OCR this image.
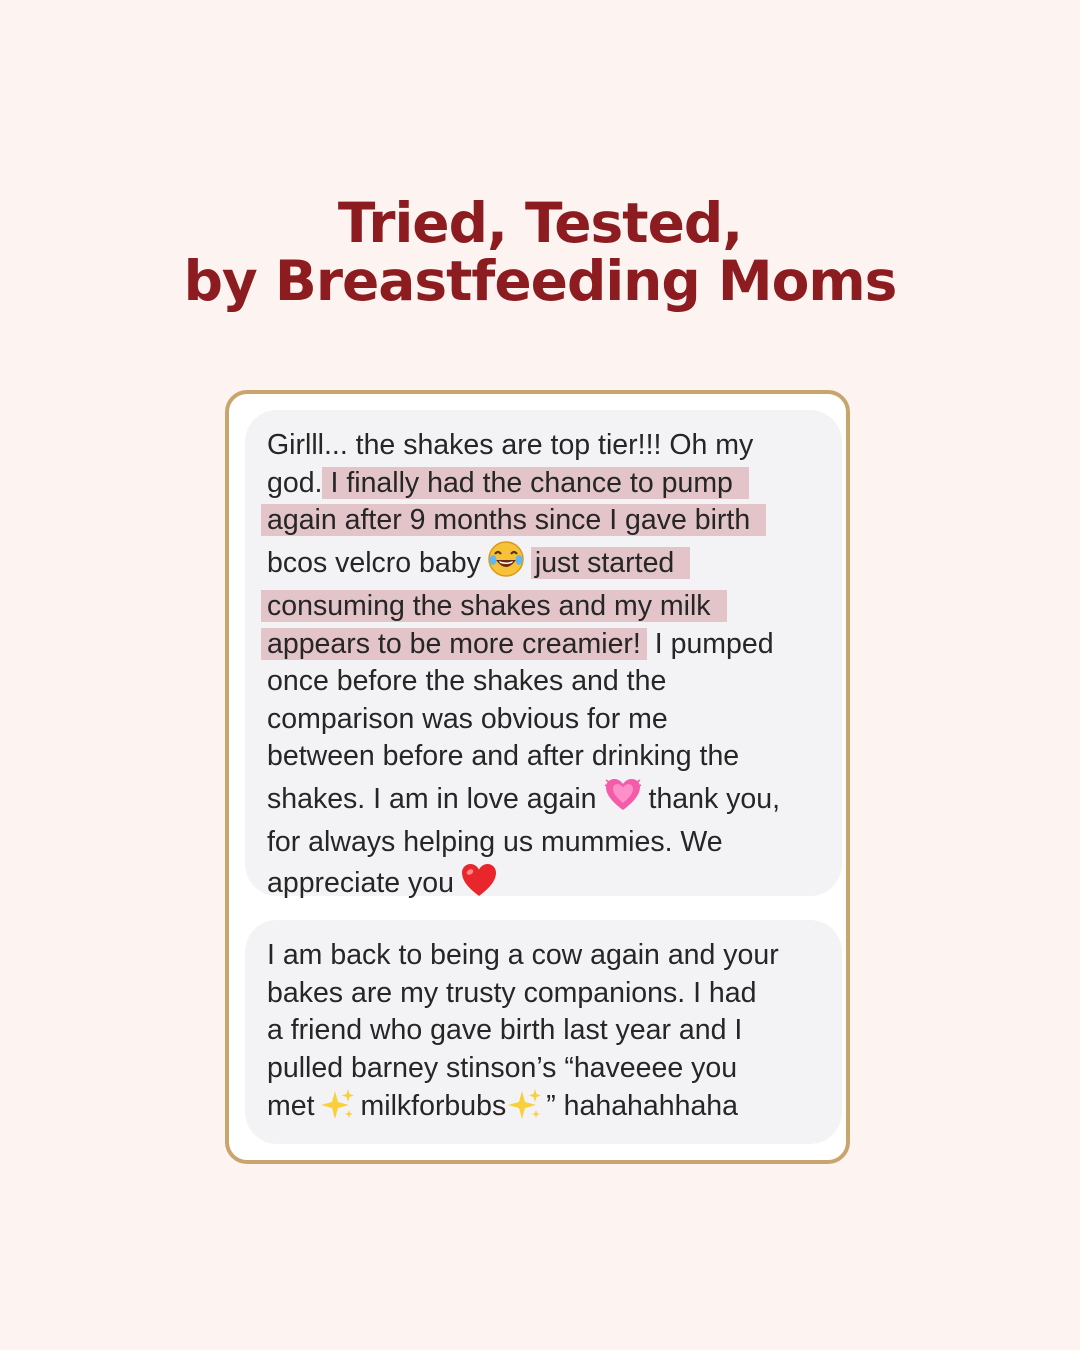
Tried, Tested,
by Breastfeeding Moms
Girlll... the shakes are top tier!!! Oh my
god. I finally had the chance to pump
again after 9 months since I gave birth
bcos velcro baby just started
consuming the shakes and my milk
appears to be more creamier! I pumped
once before the shakes and the
comparison was obvious for me
between before and after drinking the
shakes. I am in love again thank you,
for always helping us mummies. We
appreciate you
I am back to being a cow again and your
bakes are my trusty companions. I had
a friend who gave birth last year and I
pulled barney stinson’s “haveeee you
met milkforbubs ” hahahahhaha
